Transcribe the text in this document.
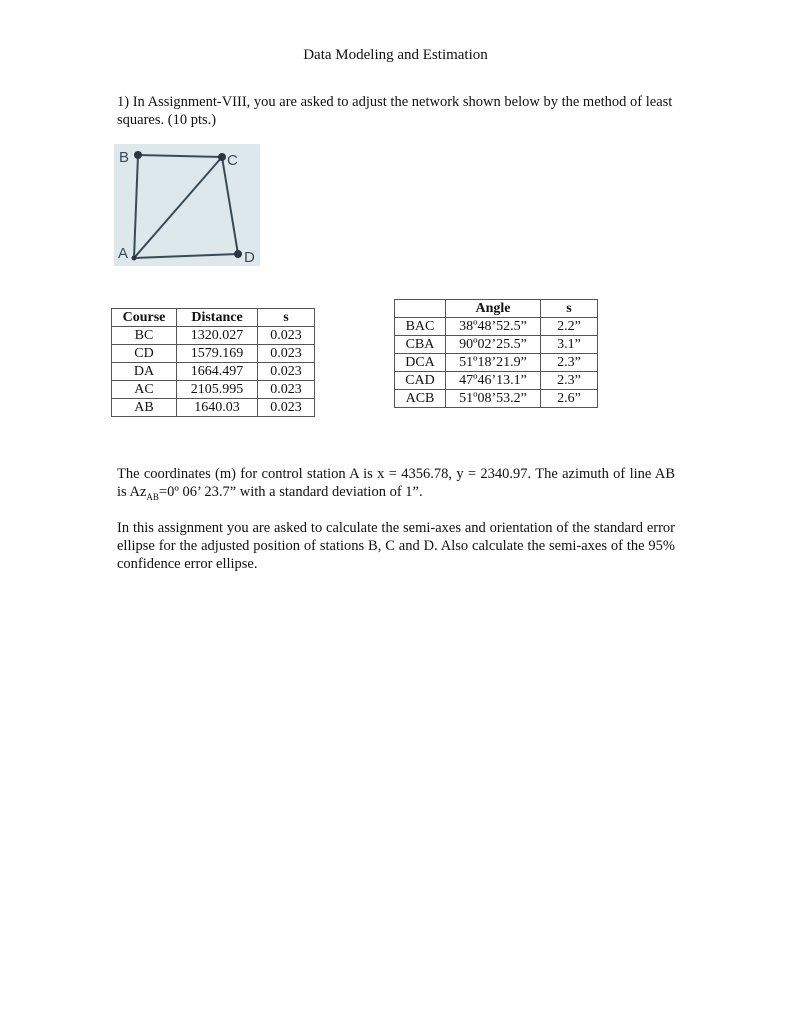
Data Modeling and Estimation
1) In Assignment-VIII, you are asked to adjust the network shown below by the method of least squares. (10 pts.)
B	C
A	D
Course	Distance	s
BC	1320.027	0.023
CD	1579.169	0.023
DA	1664.497	0.023
AC	2105.995	0.023
AB	1640.03	0.023
	Angle	s
BAC	38º48’52.5”	2.2”
CBA	90º02’25.5”	3.1”
DCA	51º18’21.9”	2.3”
CAD	47º46’13.1”	2.3”
ACB	51º08’53.2”	2.6”
The coordinates (m) for control station A is x = 4356.78, y = 2340.97. The azimuth of line AB is $Az_{AB}=0º$ 06’ 23.7” with a standard deviation of 1”.
In this assignment you are asked to calculate the semi-axes and orientation of the standard error ellipse for the adjusted position of stations B, C and D. Also calculate the semi-axes of the 95% confidence error ellipse.
